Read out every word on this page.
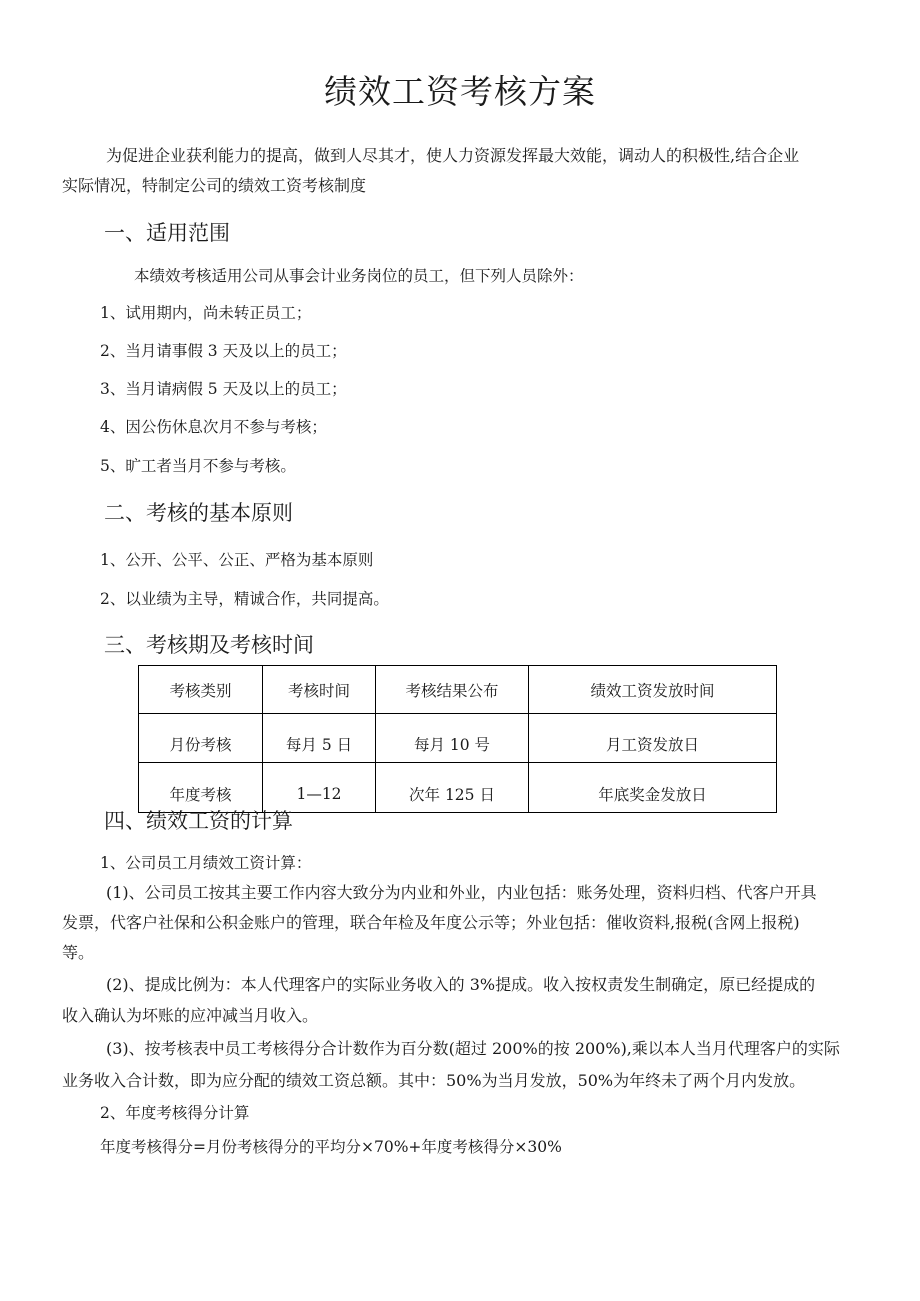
绩效工资考核方案
为促进企业获利能力的提高，做到人尽其才，使人力资源发挥最大效能，调动人的积极性,结合企业
实际情况，特制定公司的绩效工资考核制度
一、适用范围
本绩效考核适用公司从事会计业务岗位的员工，但下列人员除外：
1、试用期内，尚未转正员工；
2、当月请事假 3 天及以上的员工；
3、当月请病假 5 天及以上的员工；
4、因公伤休息次月不参与考核；
5、旷工者当月不参与考核。
二、考核的基本原则
1、公开、公平、公正、严格为基本原则
2、以业绩为主导，精诚合作，共同提高。
三、考核期及考核时间
考核类别	考核时间	考核结果公布	绩效工资发放时间
月份考核	每月 5 日	每月 10 号	月工资发放日
年度考核	1—12	次年 125 日	年底奖金发放日
四、绩效工资的计算
1、公司员工月绩效工资计算：
(1)、公司员工按其主要工作内容大致分为内业和外业，内业包括：账务处理，资料归档、代客户开具
发票，代客户社保和公积金账户的管理，联合年检及年度公示等；外业包括：催收资料,报税(含网上报税)
等。
(2)、提成比例为：本人代理客户的实际业务收入的 3%提成。收入按权责发生制确定，原已经提成的
收入确认为坏账的应冲减当月收入。
(3)、按考核表中员工考核得分合计数作为百分数(超过 200%的按 200%),乘以本人当月代理客户的实际
业务收入合计数，即为应分配的绩效工资总额。其中：50%为当月发放，50%为年终未了两个月内发放。
2、年度考核得分计算
年度考核得分=月份考核得分的平均分×70%+年度考核得分×30%
